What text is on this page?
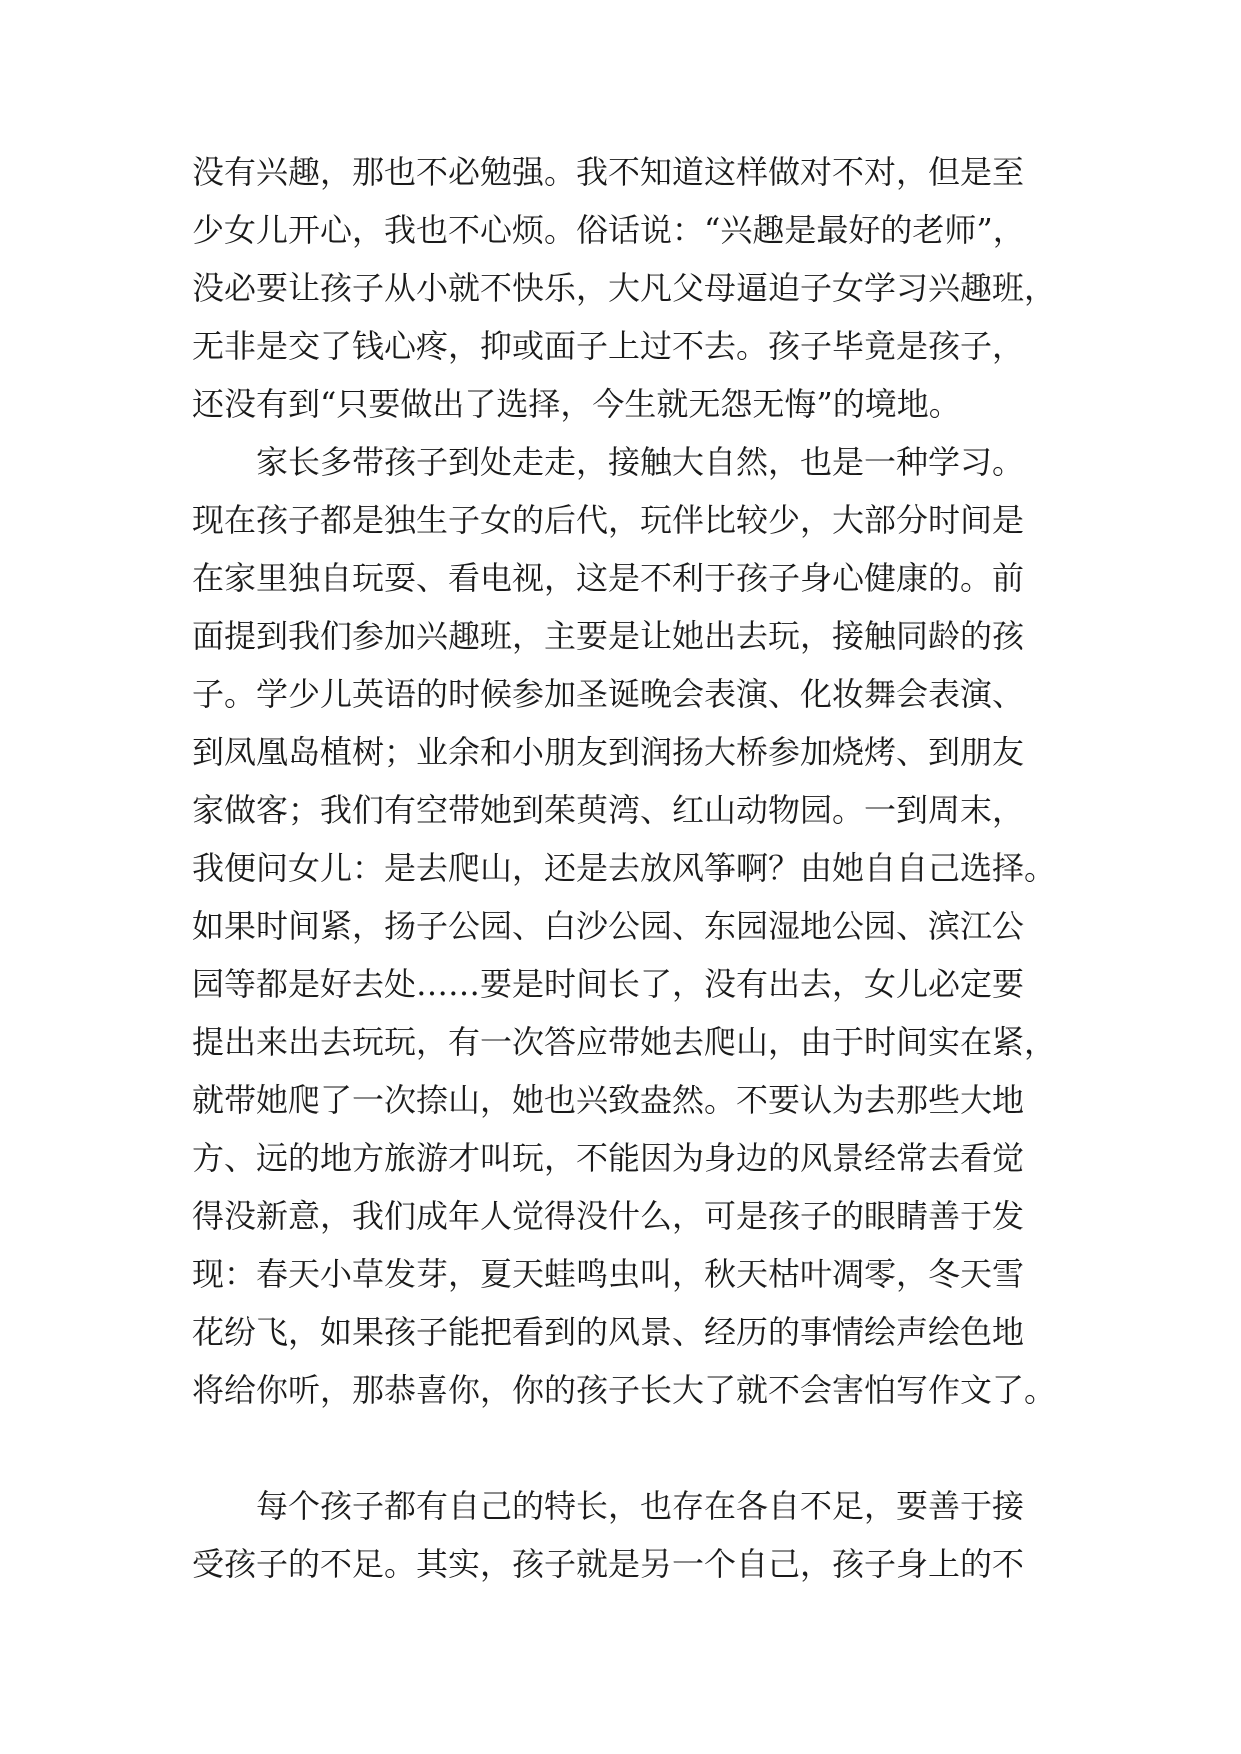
没有兴趣，那也不必勉强。我不知道这样做对不对，但是至
少女儿开心，我也不心烦。俗话说：“兴趣是最好的老师”，
没必要让孩子从小就不快乐，大凡父母逼迫子女学习兴趣班，
无非是交了钱心疼，抑或面子上过不去。孩子毕竟是孩子，
还没有到“只要做出了选择，今生就无怨无悔”的境地。
家长多带孩子到处走走，接触大自然，也是一种学习。
现在孩子都是独生子女的后代，玩伴比较少，大部分时间是
在家里独自玩耍、看电视，这是不利于孩子身心健康的。前
面提到我们参加兴趣班，主要是让她出去玩，接触同龄的孩
子。学少儿英语的时候参加圣诞晚会表演、化妆舞会表演、
到凤凰岛植树；业余和小朋友到润扬大桥参加烧烤、到朋友
家做客；我们有空带她到茱萸湾、红山动物园。一到周末，
我便问女儿：是去爬山，还是去放风筝啊？由她自自己选择。
如果时间紧，扬子公园、白沙公园、东园湿地公园、滨江公
园等都是好去处……要是时间长了，没有出去，女儿必定要
提出来出去玩玩，有一次答应带她去爬山，由于时间实在紧，
就带她爬了一次捺山，她也兴致盎然。不要认为去那些大地
方、远的地方旅游才叫玩，不能因为身边的风景经常去看觉
得没新意，我们成年人觉得没什么，可是孩子的眼睛善于发
现：春天小草发芽，夏天蛙鸣虫叫，秋天枯叶凋零，冬天雪
花纷飞，如果孩子能把看到的风景、经历的事情绘声绘色地
将给你听，那恭喜你，你的孩子长大了就不会害怕写作文了。
每个孩子都有自己的特长，也存在各自不足，要善于接
受孩子的不足。其实，孩子就是另一个自己，孩子身上的不
